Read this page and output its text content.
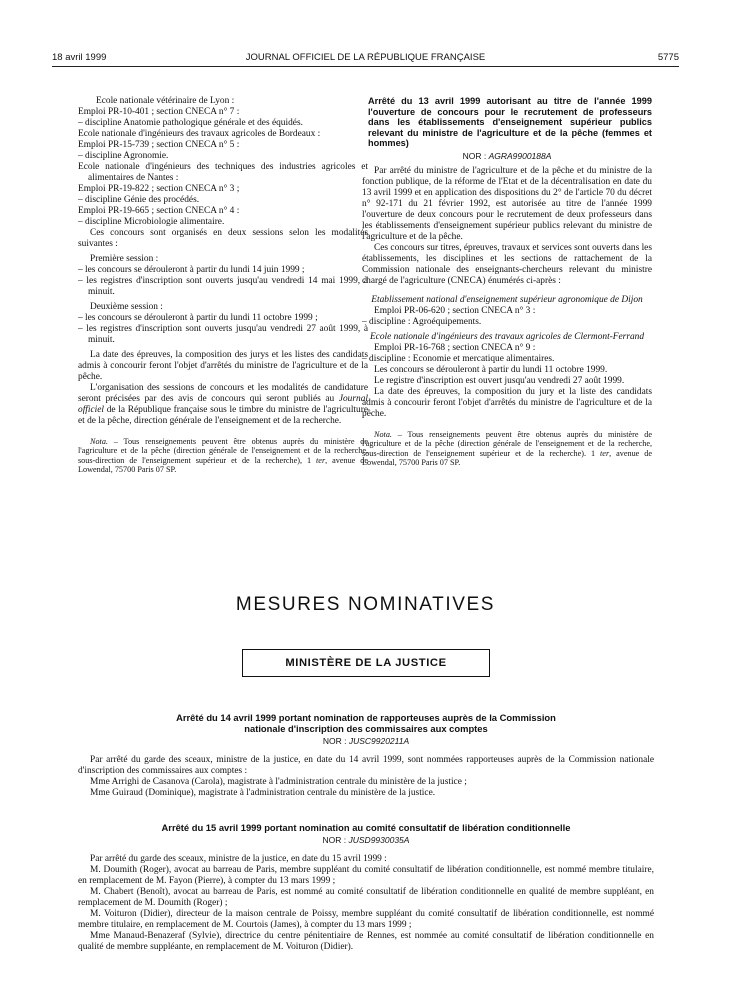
18 avril 1999	JOURNAL OFFICIEL DE LA RÉPUBLIQUE FRANÇAISE	5775

Ecole nationale vétérinaire de Lyon :

Emploi PR-10-401 ; section CNECA n° 7 :

– discipline Anatomie pathologique générale et des équidés.

Ecole nationale d'ingénieurs des travaux agricoles de Bordeaux :

Emploi PR-15-739 ; section CNECA n° 5 :

– discipline Agronomie.

Ecole nationale d'ingénieurs des techniques des industries agricoles et alimentaires de Nantes :

Emploi PR-19-822 ; section CNECA n° 3 ;

– discipline Génie des procédés.

Emploi PR-19-665 ; section CNECA n° 4 :

– discipline Microbiologie alimentaire.

Ces concours sont organisés en deux sessions selon les modalités suivantes :

Première session :

– les concours se dérouleront à partir du lundi 14 juin 1999 ;

– les registres d'inscription sont ouverts jusqu'au vendredi 14 mai 1999, à minuit.

Deuxième session :

– les concours se dérouleront à partir du lundi 11 octobre 1999 ;

– les registres d'inscription sont ouverts jusqu'au vendredi 27 août 1999, à minuit.

La date des épreuves, la composition des jurys et les listes des candidats admis à concourir feront l'objet d'arrêtés du ministre de l'agriculture et de la pêche.

L'organisation des sessions de concours et les modalités de candidature seront précisées par des avis de concours qui seront publiés au Journal officiel de la République française sous le timbre du ministre de l'agriculture et de la pêche, direction générale de l'enseignement et de la recherche.

Nota. – Tous renseignements peuvent être obtenus auprès du ministère de l'agriculture et de la pêche (direction générale de l'enseignement et de la recherche, sous-direction de l'enseignement supérieur et de la recherche), 1 ter, avenue de Lowendal, 75700 Paris 07 SP.

Arrêté du 13 avril 1999 autorisant au titre de l'année 1999 l'ouverture de concours pour le recrutement de professeurs dans les établissements d'enseignement supérieur publics relevant du ministre de l'agriculture et de la pêche (femmes et hommes)

NOR : AGRA9900188A

Par arrêté du ministre de l'agriculture et de la pêche et du ministre de la fonction publique, de la réforme de l'Etat et de la décentralisation en date du 13 avril 1999 et en application des dispositions du 2° de l'article 70 du décret n° 92-171 du 21 février 1992, est autorisée au titre de l'année 1999 l'ouverture de deux concours pour le recrutement de deux professeurs dans les établissements d'enseignement supérieur publics relevant du ministre de l'agriculture et de la pêche.

Ces concours sur titres, épreuves, travaux et services sont ouverts dans les établissements, les disciplines et les sections de rattachement de la Commission nationale des enseignants-chercheurs relevant du ministre chargé de l'agriculture (CNECA) énumérés ci-après :

Etablissement national d'enseignement supérieur agronomique de Dijon

Emploi PR-06-620 ; section CNECA n° 3 :

– discipline : Agroéquipements.

Ecole nationale d'ingénieurs des travaux agricoles de Clermont-Ferrand

Emploi PR-16-768 ; section CNECA n° 9 :

– discipline : Economie et mercatique alimentaires.

Les concours se dérouleront à partir du lundi 11 octobre 1999.

Le registre d'inscription est ouvert jusqu'au vendredi 27 août 1999.

La date des épreuves, la composition du jury et la liste des candidats admis à concourir feront l'objet d'arrêtés du ministre de l'agriculture et de la pêche.

Nota. – Tous renseignements peuvent être obtenus auprès du ministère de l'agriculture et de la pêche (direction générale de l'enseignement et de la recherche, sous-direction de l'enseignement supérieur et de la recherche). 1 ter, avenue de Lowendal, 75700 Paris 07 SP.

MESURES NOMINATIVES
MINISTÈRE DE LA JUSTICE

Arrêté du 14 avril 1999 portant nomination de rapporteuses auprès de la Commission nationale d'inscription des commissaires aux comptes

NOR : JUSC9920211A

Par arrêté du garde des sceaux, ministre de la justice, en date du 14 avril 1999, sont nommées rapporteuses auprès de la Commission nationale d'inscription des commissaires aux comptes :

Mme Arrighi de Casanova (Carola), magistrate à l'administration centrale du ministère de la justice ;

Mme Guiraud (Dominique), magistrate à l'administration centrale du ministère de la justice.

Arrêté du 15 avril 1999 portant nomination au comité consultatif de libération conditionnelle

NOR : JUSD9930035A

Par arrêté du garde des sceaux, ministre de la justice, en date du 15 avril 1999 :

M. Doumith (Roger), avocat au barreau de Paris, membre suppléant du comité consultatif de libération conditionnelle, est nommé membre titulaire, en remplacement de M. Fayon (Pierre), à compter du 13 mars 1999 ;

M. Chabert (Benoît), avocat au barreau de Paris, est nommé au comité consultatif de libération conditionnelle en qualité de membre suppléant, en remplacement de M. Doumith (Roger) ;

M. Voituron (Didier), directeur de la maison centrale de Poissy, membre suppléant du comité consultatif de libération conditionnelle, est nommé membre titulaire, en remplacement de M. Courtois (James), à compter du 13 mars 1999 ;

Mme Manaud-Benazeraf (Sylvie), directrice du centre pénitentiaire de Rennes, est nommée au comité consultatif de libération conditionnelle en qualité de membre suppléante, en remplacement de M. Voituron (Didier).
